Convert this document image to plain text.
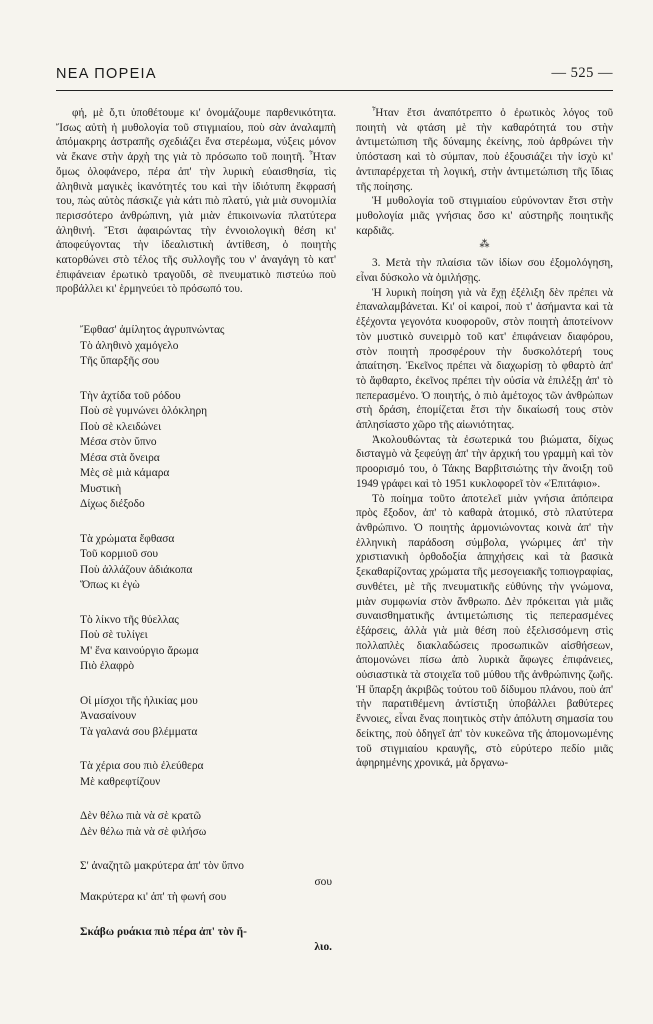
ΝΕΑ ΠΟΡΕΙΑ	— 525 —

φή, μὲ ὅ,τι ὑποθέτουμε κι' ὀνομάζουμε παρθενικότητα. Ἴσως αὐτὴ ἡ μυθολογία τοῦ στιγμιαίου, ποὺ σὰν ἀναλαμπὴ ἀπόμακρης ἀστραπῆς σχεδιάζει ἕνα στερέωμα, νύξεις μόνον νὰ ἔκανε στὴν ἀρχὴ της γιὰ τὸ πρόσωπο τοῦ ποιητῆ. Ἦταν ὅμως ὁλοφάνερο, πέρα ἀπ' τὴν λυρικὴ εὐαισθησία, τὶς ἀληθινὰ μαγικὲς ἱκανότητές του καὶ τὴν ἰδιότυπη ἔκφρασή του, πὼς αὐτὸς πάσκιζε γιὰ κάτι πιὸ πλατύ, γιὰ μιὰ συνομιλία περισσότερο ἀνθρώπινη, γιὰ μιὰν ἐπικοινωνία πλατύτερα ἀληθινή. Ἔτσι ἀφαιρώντας τὴν ἐννοιολογικὴ θέση κι' ἀποφεύγοντας τὴν ἰδεαλιστικὴ ἀντίθεση, ὁ ποιητὴς κατορθώνει στὸ τέλος τῆς συλλογῆς του ν' ἀναγάγη τὸ κατ' ἐπιφάνειαν ἐρωτικὸ τραγοῦδι, σὲ πνευματικὸ πιστεύω ποὺ προβάλλει κι' ἑρμηνεύει τὸ πρόσωπό του.

Ἔφθασ' ἀμίλητος ἀγρυπνώντας
Τὸ ἀληθινὸ χαμόγελο
Τῆς ὕπαρξῆς σου
Τὴν ἀχτίδα τοῦ ρόδου
Ποὺ σὲ γυμνώνει ὁλόκληρη
Ποὺ σὲ κλειδώνει
Μέσα στὸν ὕπνο
Μέσα στὰ ὄνειρα
Μὲς σὲ μιὰ κάμαρα
Μυστικὴ
Δίχως διέξοδο
Τὰ χρώματα ἔφθασα
Τοῦ κορμιοῦ σου
Ποὺ ἀλλάζουν ἀδιάκοπα
Ὅπως κι ἐγὼ
Τὸ λίκνο τῆς θύελλας
Ποὺ σὲ τυλίγει
Μ' ἕνα καινούργιο ἄρωμα
Πιὸ ἐλαφρὸ
Οἱ μίσχοι τῆς ἡλικίας μου
Ἀνασαίνουν
Τὰ γαλανά σου βλέμματα
Τὰ χέρια σου πιὸ ἐλεύθερα
Μὲ καθρεφτίζουν
Δὲν θέλω πιὰ νὰ σὲ κρατῶ
Δὲν θέλω πιὰ νὰ σὲ φιλήσω
Σ' ἀναζητῶ μακρύτερα ἀπ' τὸν ὕπνο
σου
Μακρύτερα κι' ἀπ' τὴ φωνή σου
Σκάβω ρυάκια πιὸ πέρα ἀπ' τὸν ἥ-
λιο.

Ἦταν ἔτσι ἀναπότρεπτο ὁ ἐρωτικὸς λόγος τοῦ ποιητὴ νὰ φτάση μὲ τὴν καθαρότητά του στὴν ἀντιμετώπιση τῆς δύναμης ἐκείνης, ποὺ ἀρθρώνει τὴν ὑπόσταση καὶ τὸ σύμπαν, ποὺ ἐξουσιάζει τὴν ἰσχὺ κι' ἀντιπαρέρχεται τὴ λογική, στὴν ἀντιμετώπιση τῆς ἴδιας τῆς ποίησης.

Ἡ μυθολογία τοῦ στιγμιαίου εὐρύνονταν ἔτσι στὴν μυθολογία μιᾶς γνήσιας ὅσο κι' αὐστηρῆς ποιητικῆς καρδιᾶς.

⁂

3. Μετὰ τὴν πλαίσια τῶν ἰδίων σου ἐξομολόγηση, εἶναι δύσκολο νὰ ὁμιλήσῃς.

Ἡ λυρικὴ ποίηση γιὰ νὰ ἔχῃ ἐξέλιξη δὲν πρέπει νὰ ἐπαναλαμβάνεται. Κι' οἱ καιροί, ποὺ τ' ἀσήμαντα καὶ τὰ ἐξέχοντα γεγονότα κυοφοροῦν, στὸν ποιητὴ ἀποτείνονν τὸν μυστικὸ συνειρμὸ τοῦ κατ' ἐπιφάνειαν διαφόρου, στὸν ποιητὴ προσφέρουν τὴν δυσκολότερή τους ἀπαίτηση. Ἐκεῖνος πρέπει νὰ διαχωρίσῃ τὸ φθαρτὸ ἀπ' τὸ ἄφθαρτο, ἐκεῖνος πρέπει τὴν οὐσία νὰ ἐπιλέξῃ ἀπ' τὸ πεπερασμένο. Ὁ ποιητής, ὁ πιὸ ἀμέτοχος τῶν ἀνθρώπων στὴ δράση, ἐπομίζεται ἔτσι τὴν δικαίωσή τους στὸν ἀπλησίαστο χῶρο τῆς αἰωνιότητας.

Ἀκολουθώντας τὰ ἐσωτερικά του βιώματα, δίχως δισταγμὸ νὰ ξεφεύγῃ ἀπ' τὴν ἀρχική του γραμμὴ καὶ τὸν προορισμό του, ὁ Τάκης Βαρβιτσιώτης τὴν ἄνοιξη τοῦ 1949 γράφει καὶ τὸ 1951 κυκλοφορεῖ τὸν «Ἐπιτάφιο».

Τὸ ποίημα τοῦτο ἀποτελεῖ μιὰν γνήσια ἀπόπειρα πρὸς ἔξοδον, ἀπ' τὸ καθαρὰ ἀτομικό, στὸ πλατύτερα ἀνθρώπινο. Ὁ ποιητὴς ἁρμονιώνοντας κοινὰ ἀπ' τὴν ἑλληνικὴ παράδοση σύμβολα, γνώριμες ἀπ' τὴν χριστιανικὴ ὀρθοδοξία ἀπηχήσεις καὶ τὰ βασικὰ ξεκαθαρίζοντας χρώματα τῆς μεσογειακῆς τοπιογραφίας, συνθέτει, μὲ τῆς πνευματικῆς εὐθύνης τὴν γνώμονα, μιὰν συμφωνία στὸν ἄνθρωπο. Δὲν πρόκειται γιὰ μιᾶς συναισθηματικῆς ἀντιμετώπισης τὶς πεπερασμένες ἐξάρσεις, ἀλλὰ γιὰ μιὰ θέση ποὺ ἐξελισσόμενη στὶς πολλαπλὲς διακλαδώσεις προσωπικῶν αἰσθήσεων, ἀπομονώνει πίσω ἀπὸ λυρικὰ ἄφωγες ἐπιφάνειες, οὐσιαστικὰ τὰ στοιχεῖα τοῦ μύθου τῆς ἀνθρώπινης ζωῆς. Ἡ ὕπαρξη ἀκριβῶς τούτου τοῦ δίδυμου πλάνου, ποὺ ἀπ' τὴν παρατιθέμενη ἀντίστιξη ὑποβάλλει βαθύτερες ἔννοιες, εἶναι ἕνας ποιητικὸς στὴν ἀπόλυτη σημασία του δείκτης, ποὺ ὁδηγεῖ ἀπ' τὸν κυκεῶνα τῆς ἀπομονωμένης τοῦ στιγμιαίου κραυγῆς, στὸ εὐρύτερο πεδίο μιᾶς ἀφηρημένης χρονικά, μὰ δργανω-
